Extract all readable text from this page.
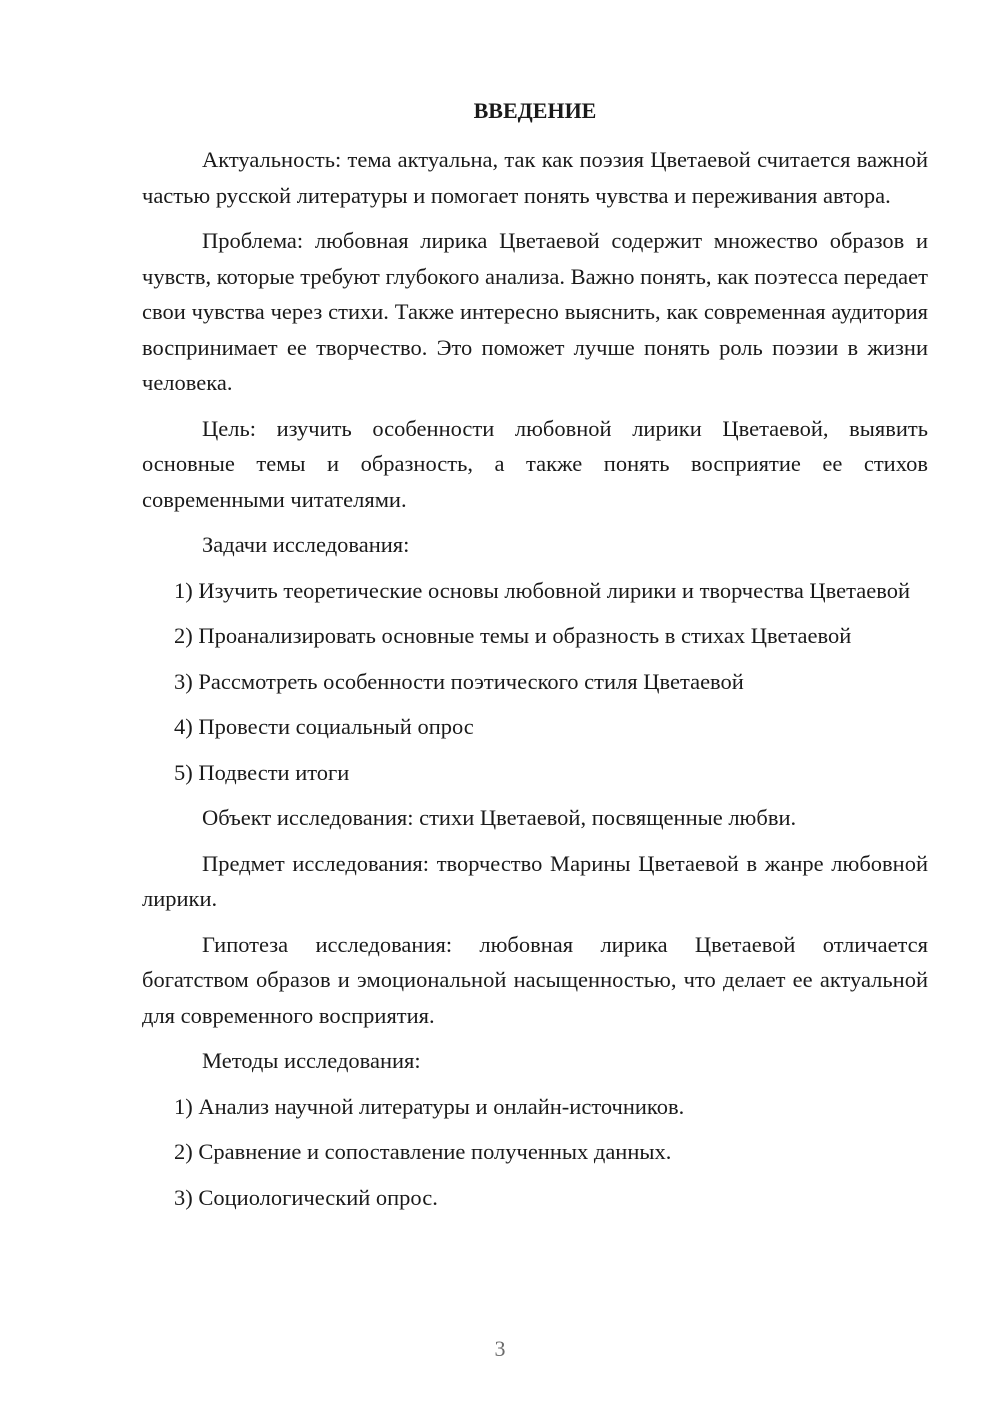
ВВЕДЕНИЕ

Актуальность: тема актуальна, так как поэзия Цветаевой считается важной частью русской литературы и помогает понять чувства и переживания автора.

Проблема: любовная лирика Цветаевой содержит множество образов и чувств, которые требуют глубокого анализа. Важно понять, как поэтесса передает свои чувства через стихи. Также интересно выяснить, как современная аудитория воспринимает ее творчество. Это поможет лучше понять роль поэзии в жизни человека.

Цель: изучить особенности любовной лирики Цветаевой, выявить основные темы и образность, а также понять восприятие ее стихов современными читателями.

Задачи исследования:

1) Изучить теоретические основы любовной лирики и творчества Цветаевой

2) Проанализировать основные темы и образность в стихах Цветаевой

3) Рассмотреть особенности поэтического стиля Цветаевой

4) Провести социальный опрос

5) Подвести итоги

Объект исследования: стихи Цветаевой, посвященные любви.

Предмет исследования: творчество Марины Цветаевой в жанре любовной лирики.

Гипотеза исследования: любовная лирика Цветаевой отличается богатством образов и эмоциональной насыщенностью, что делает ее актуальной для современного восприятия.

Методы исследования:

1) Анализ научной литературы и онлайн-источников.

2) Сравнение и сопоставление полученных данных.

3) Социологический опрос.

3
